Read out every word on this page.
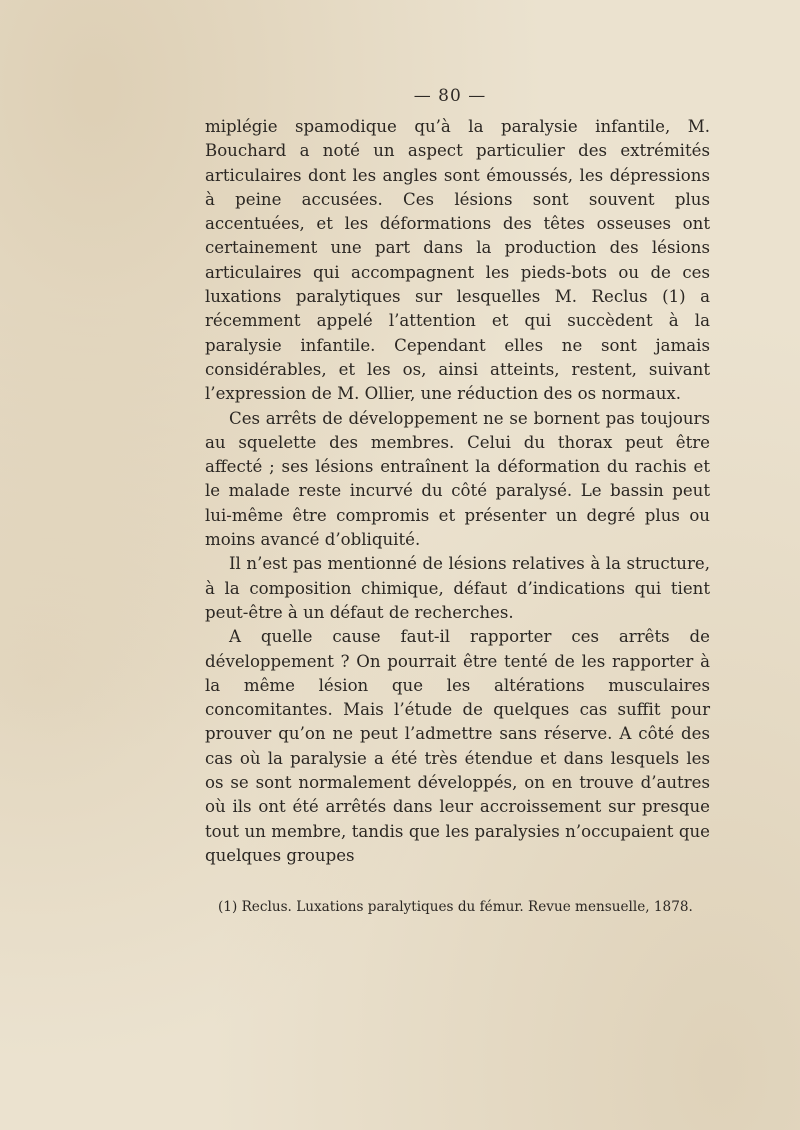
— 80 —

miplégie spamodique qu’à la paralysie infantile, M. Bouchard a noté un aspect particulier des extrémités articulaires dont les angles sont émoussés, les dépressions à peine accusées. Ces lésions sont souvent plus accentuées, et les déformations des têtes osseuses ont certainement une part dans la production des lésions articulaires qui accompagnent les pieds-bots ou de ces luxations paralytiques sur lesquelles M. Reclus (1) a récemment appelé l’attention et qui succèdent à la paralysie infantile. Cependant elles ne sont jamais considérables, et les os, ainsi atteints, restent, suivant l’expression de M. Ollier, une réduction des os normaux.

Ces arrêts de développement ne se bornent pas toujours au squelette des membres. Celui du thorax peut être affecté ; ses lésions entraînent la déformation du rachis et le malade reste incurvé du côté paralysé. Le bassin peut lui-même être compromis et présenter un degré plus ou moins avancé d’obliquité.

Il n’est pas mentionné de lésions relatives à la structure, à la composition chimique, défaut d’indications qui tient peut-être à un défaut de recherches.

A quelle cause faut-il rapporter ces arrêts de développement ? On pourrait être tenté de les rapporter à la même lésion que les altérations musculaires concomitantes. Mais l’étude de quelques cas suffit pour prouver qu’on ne peut l’admettre sans réserve. A côté des cas où la paralysie a été très étendue et dans lesquels les os se sont normalement développés, on en trouve d’autres où ils ont été arrêtés dans leur accroissement sur presque tout un membre, tandis que les paralysies n’occupaient que quelques groupes

(1) Reclus. Luxations paralytiques du fémur. Revue mensuelle, 1878.
